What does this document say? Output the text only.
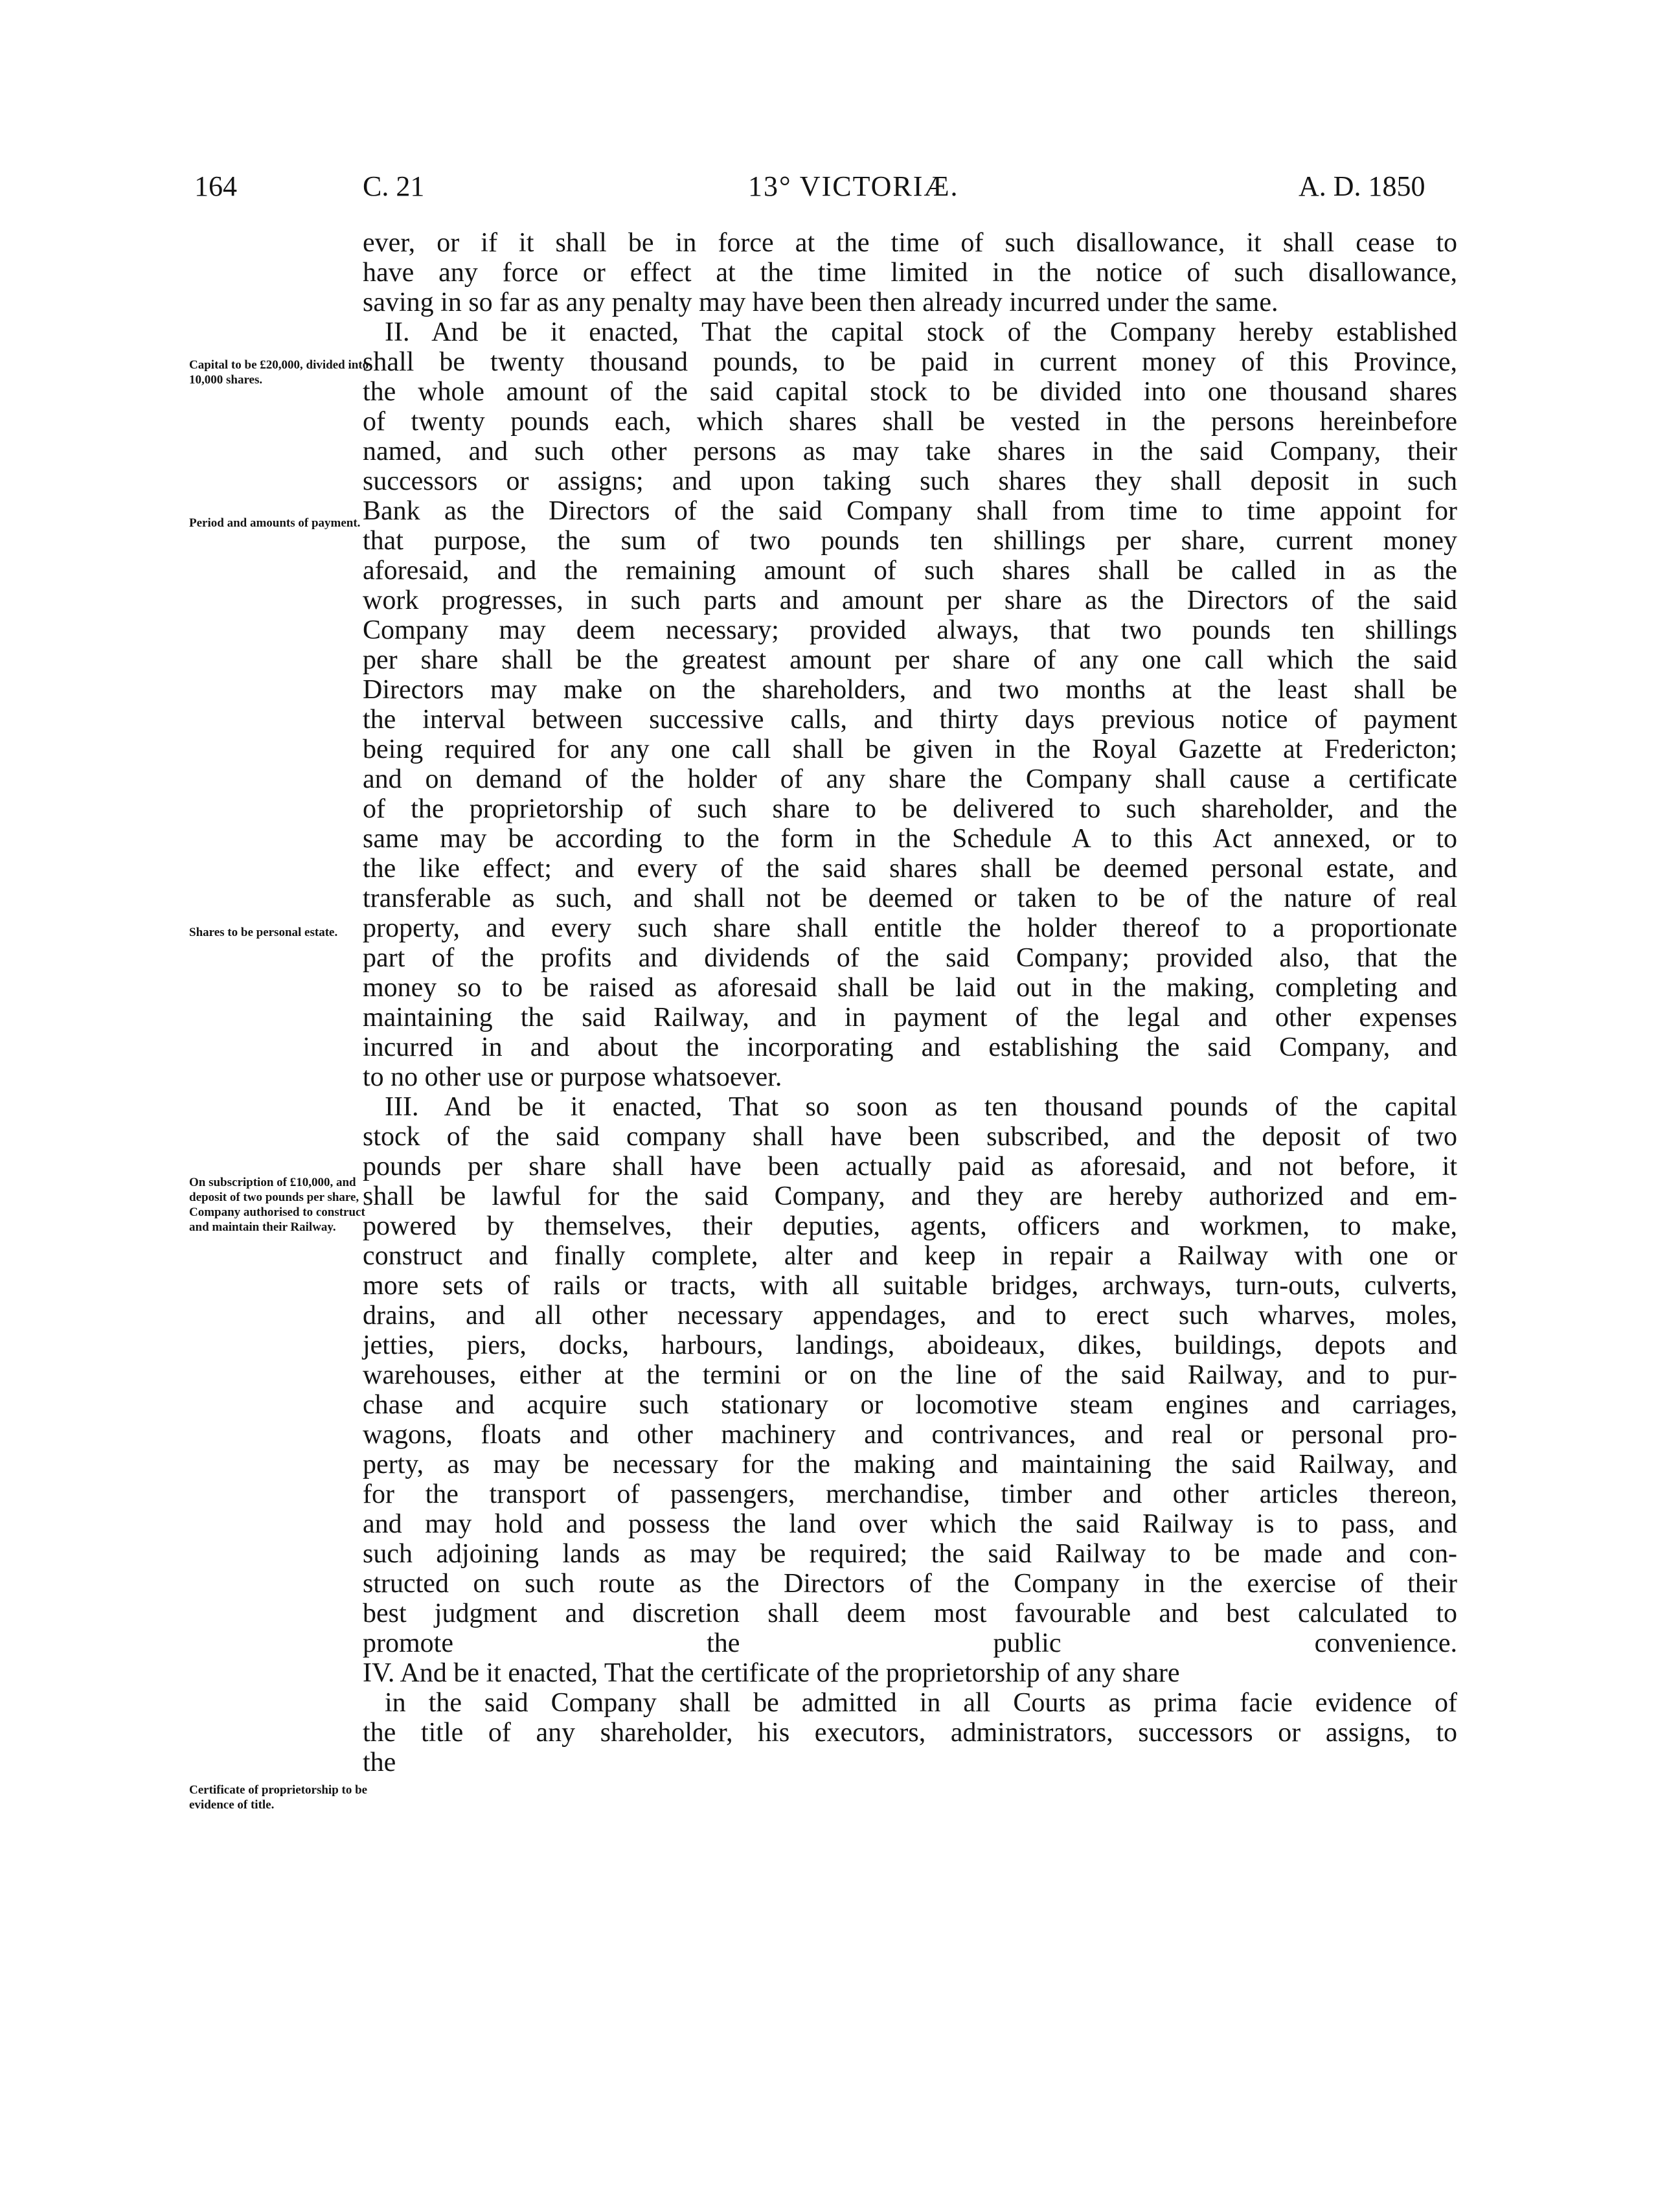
164	C. 21	13° VICTORIÆ.	A. D. 1850
Capital to be £20,000, divided into 10,000 shares.
Period and amounts of payment.
Shares to be personal estate.
On subscription of £10,000, and deposit of two pounds per share, Company authorised to construct and maintain their Railway.
Certificate of proprietorship to be evidence of title.
ever, or if it shall be in force at the time of such disallowance, it shall cease to
have any force or effect at the time limited in the notice of such disallowance,
saving in so far as any penalty may have been then already incurred under the same.
II. And be it enacted, That the capital stock of the Company hereby established
shall be twenty thousand pounds, to be paid in current money of this Province,
the whole amount of the said capital stock to be divided into one thousand shares
of twenty pounds each, which shares shall be vested in the persons hereinbefore
named, and such other persons as may take shares in the said Company, their
successors or assigns; and upon taking such shares they shall deposit in such
Bank as the Directors of the said Company shall from time to time appoint for
that purpose, the sum of two pounds ten shillings per share, current money
aforesaid, and the remaining amount of such shares shall be called in as the
work progresses, in such parts and amount per share as the Directors of the said
Company may deem necessary; provided always, that two pounds ten shillings
per share shall be the greatest amount per share of any one call which the said
Directors may make on the shareholders, and two months at the least shall be
the interval between successive calls, and thirty days previous notice of payment
being required for any one call shall be given in the Royal Gazette at Fredericton;
and on demand of the holder of any share the Company shall cause a certificate
of the proprietorship of such share to be delivered to such shareholder, and the
same may be according to the form in the Schedule A to this Act annexed, or to
the like effect; and every of the said shares shall be deemed personal estate, and
transferable as such, and shall not be deemed or taken to be of the nature of real
property, and every such share shall entitle the holder thereof to a proportionate
part of the profits and dividends of the said Company; provided also, that the
money so to be raised as aforesaid shall be laid out in the making, completing and
maintaining the said Railway, and in payment of the legal and other expenses
incurred in and about the incorporating and establishing the said Company, and
to no other use or purpose whatsoever.
III. And be it enacted, That so soon as ten thousand pounds of the capital
stock of the said company shall have been subscribed, and the deposit of two
pounds per share shall have been actually paid as aforesaid, and not before, it
shall be lawful for the said Company, and they are hereby authorized and em-
powered by themselves, their deputies, agents, officers and workmen, to make,
construct and finally complete, alter and keep in repair a Railway with one or
more sets of rails or tracts, with all suitable bridges, archways, turn-outs, culverts,
drains, and all other necessary appendages, and to erect such wharves, moles,
jetties, piers, docks, harbours, landings, aboideaux, dikes, buildings, depots and
warehouses, either at the termini or on the line of the said Railway, and to pur-
chase and acquire such stationary or locomotive steam engines and carriages,
wagons, floats and other machinery and contrivances, and real or personal pro-
perty, as may be necessary for the making and maintaining the said Railway, and
for the transport of passengers, merchandise, timber and other articles thereon,
and may hold and possess the land over which the said Railway is to pass, and
such adjoining lands as may be required; the said Railway to be made and con-
structed on such route as the Directors of the Company in the exercise of their
best judgment and discretion shall deem most favourable and best calculated to
promote the public convenience.
IV. And be it enacted, That the certificate of the proprietorship of any share
in the said Company shall be admitted in all Courts as prima facie evidence of
the title of any shareholder, his executors, administrators, successors or assigns, to
the
